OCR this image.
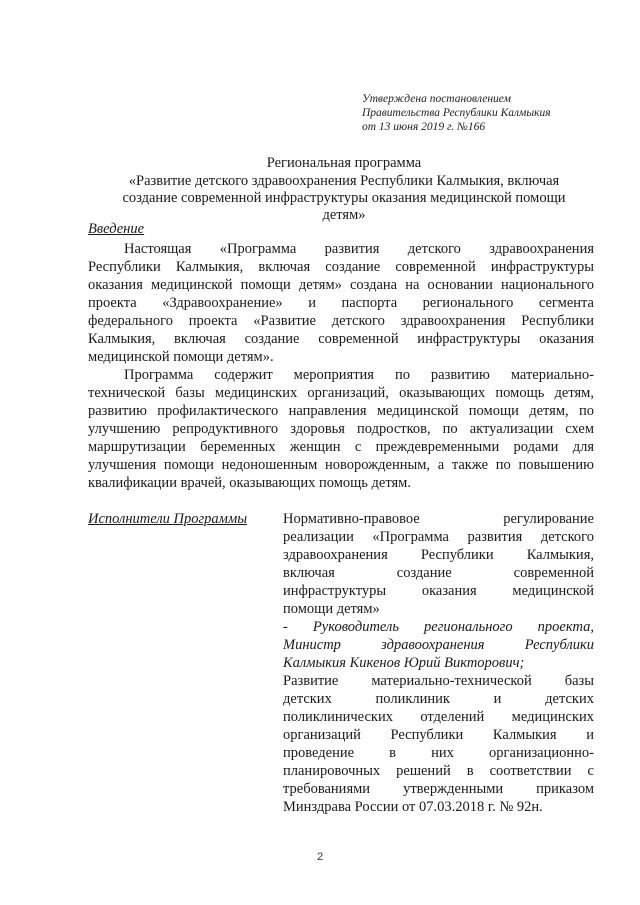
Утверждена постановлением
Правительства Республики Калмыкия
от 13 июня 2019 г. №166
Региональная программа
«Развитие детского здравоохранения Республики Калмыкия, включая
создание современной инфраструктуры оказания медицинской помощи
детям»
Введение
Настоящая «Программа развития детского здравоохранения
Республики Калмыкия, включая создание современной инфраструктуры
оказания медицинской помощи детям» создана на основании национального
проекта «Здравоохранение» и паспорта регионального сегмента
федерального проекта «Развитие детского здравоохранения Республики
Калмыкия, включая создание современной инфраструктуры оказания
медицинской помощи детям».
Программа содержит мероприятия по развитию материально-
технической базы медицинских организаций, оказывающих помощь детям,
развитию профилактического направления медицинской помощи детям, по
улучшению репродуктивного здоровья подростков, по актуализации схем
маршрутизации беременных женщин с преждевременными родами для
улучшения помощи недоношенным новорожденным, а также по повышению
квалификации врачей, оказывающих помощь детям.
Исполнители Программы Нормативно-правовое регулирование
реализации «Программа развития детского
здравоохранения Республики Калмыкия,
включая создание современной
инфраструктуры оказания медицинской
помощи детям»
- Руководитель регионального проекта,
Министр здравоохранения Республики
Калмыкия Кикенов Юрий Викторович;
Развитие материально-технической базы
детских поликлиник и детских
поликлинических отделений медицинских
организаций Республики Калмыкия и
проведение в них организационно-
планировочных решений в соответствии с
требованиями утвержденными приказом
Минздрава России от 07.03.2018 г. № 92н.
2
